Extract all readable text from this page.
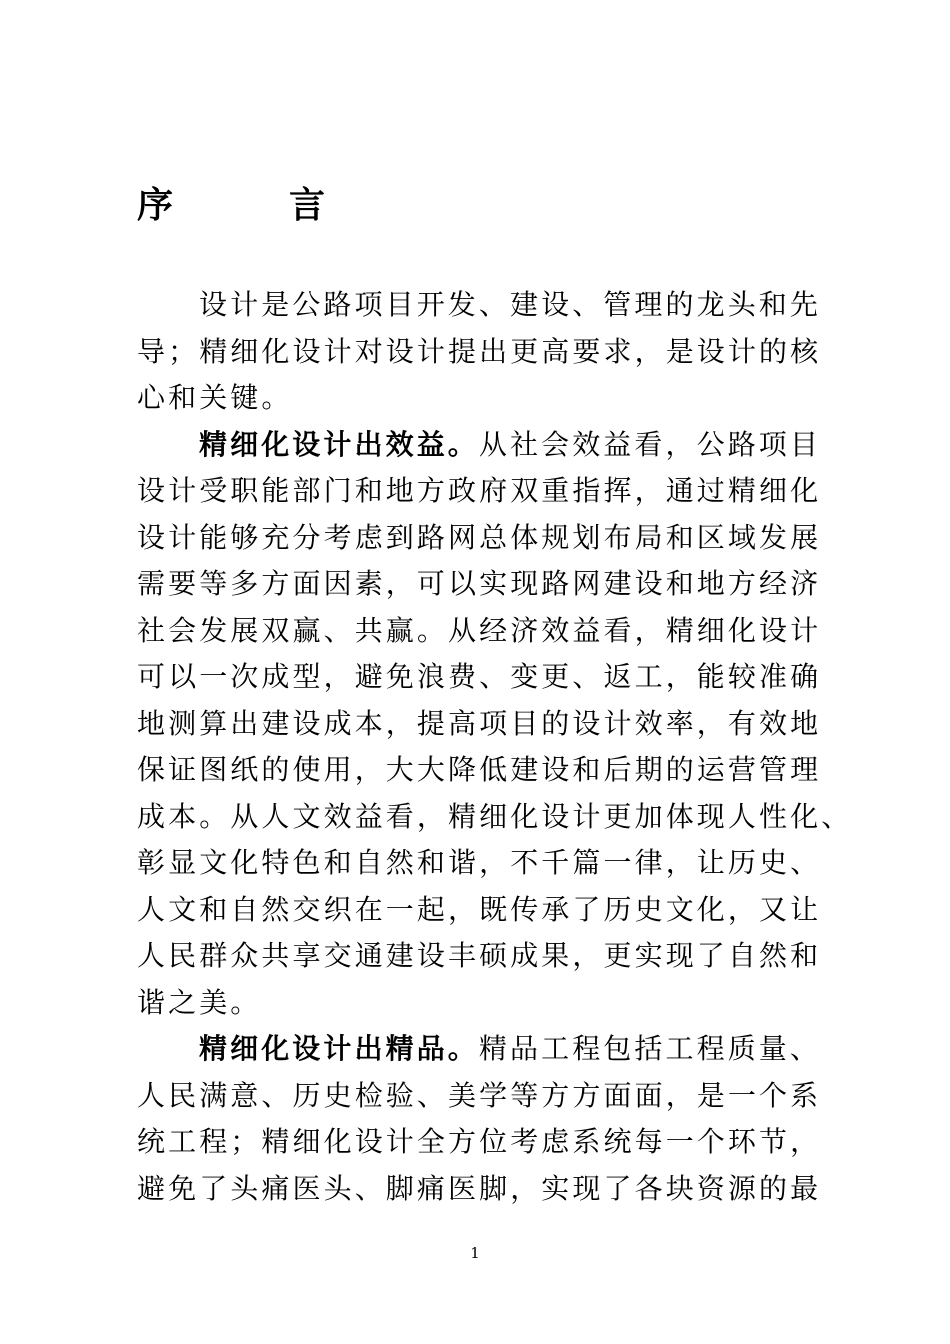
序　言
设计是公路项目开发、建设、管理的龙头和先
导；精细化设计对设计提出更高要求，是设计的核
心和关键。
精细化设计出效益。从社会效益看，公路项目
设计受职能部门和地方政府双重指挥，通过精细化
设计能够充分考虑到路网总体规划布局和区域发展
需要等多方面因素，可以实现路网建设和地方经济
社会发展双赢、共赢。从经济效益看，精细化设计
可以一次成型，避免浪费、变更、返工，能较准确
地测算出建设成本，提高项目的设计效率，有效地
保证图纸的使用，大大降低建设和后期的运营管理
成本。从人文效益看，精细化设计更加体现人性化、
彰显文化特色和自然和谐，不千篇一律，让历史、
人文和自然交织在一起，既传承了历史文化，又让
人民群众共享交通建设丰硕成果，更实现了自然和
谐之美。
精细化设计出精品。精品工程包括工程质量、
人民满意、历史检验、美学等方方面面，是一个系
统工程；精细化设计全方位考虑系统每一个环节，
避免了头痛医头、脚痛医脚，实现了各块资源的最
1
